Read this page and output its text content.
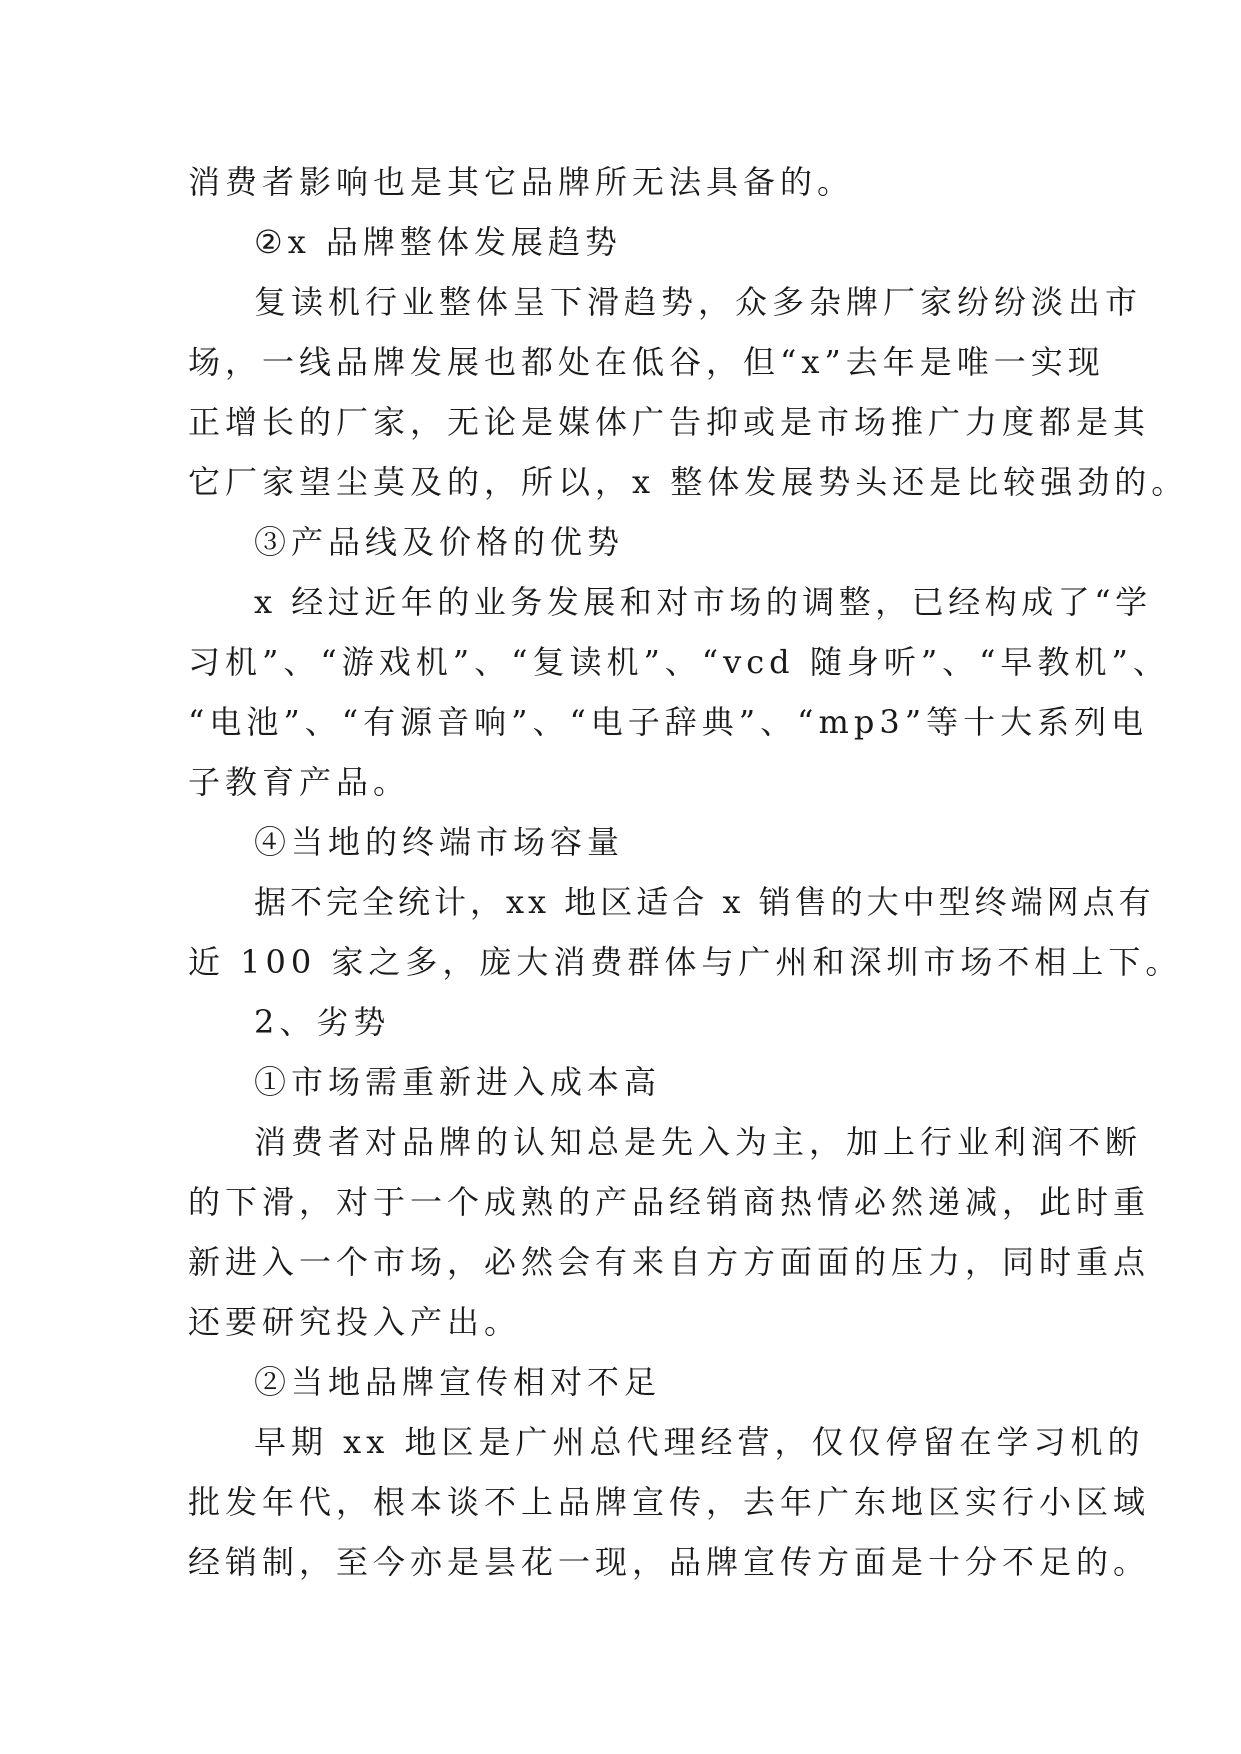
消费者影响也是其它品牌所无法具备的。
②x 品牌整体发展趋势
复读机行业整体呈下滑趋势，众多杂牌厂家纷纷淡出市
场，一线品牌发展也都处在低谷，但“x”去年是唯一实现
正增长的厂家，无论是媒体广告抑或是市场推广力度都是其
它厂家望尘莫及的，所以，x 整体发展势头还是比较强劲的。
③产品线及价格的优势
x 经过近年的业务发展和对市场的调整，已经构成了“学
习机”、“游戏机”、“复读机”、“vcd 随身听”、“早教机”、
“电池”、“有源音响”、“电子辞典”、“mp3”等十大系列电
子教育产品。
④当地的终端市场容量
据不完全统计，xx 地区适合 x 销售的大中型终端网点有
近 100 家之多，庞大消费群体与广州和深圳市场不相上下。
2、劣势
①市场需重新进入成本高
消费者对品牌的认知总是先入为主，加上行业利润不断
的下滑，对于一个成熟的产品经销商热情必然递减，此时重
新进入一个市场，必然会有来自方方面面的压力，同时重点
还要研究投入产出。
②当地品牌宣传相对不足
早期 xx 地区是广州总代理经营，仅仅停留在学习机的
批发年代，根本谈不上品牌宣传，去年广东地区实行小区域
经销制，至今亦是昙花一现，品牌宣传方面是十分不足的。
